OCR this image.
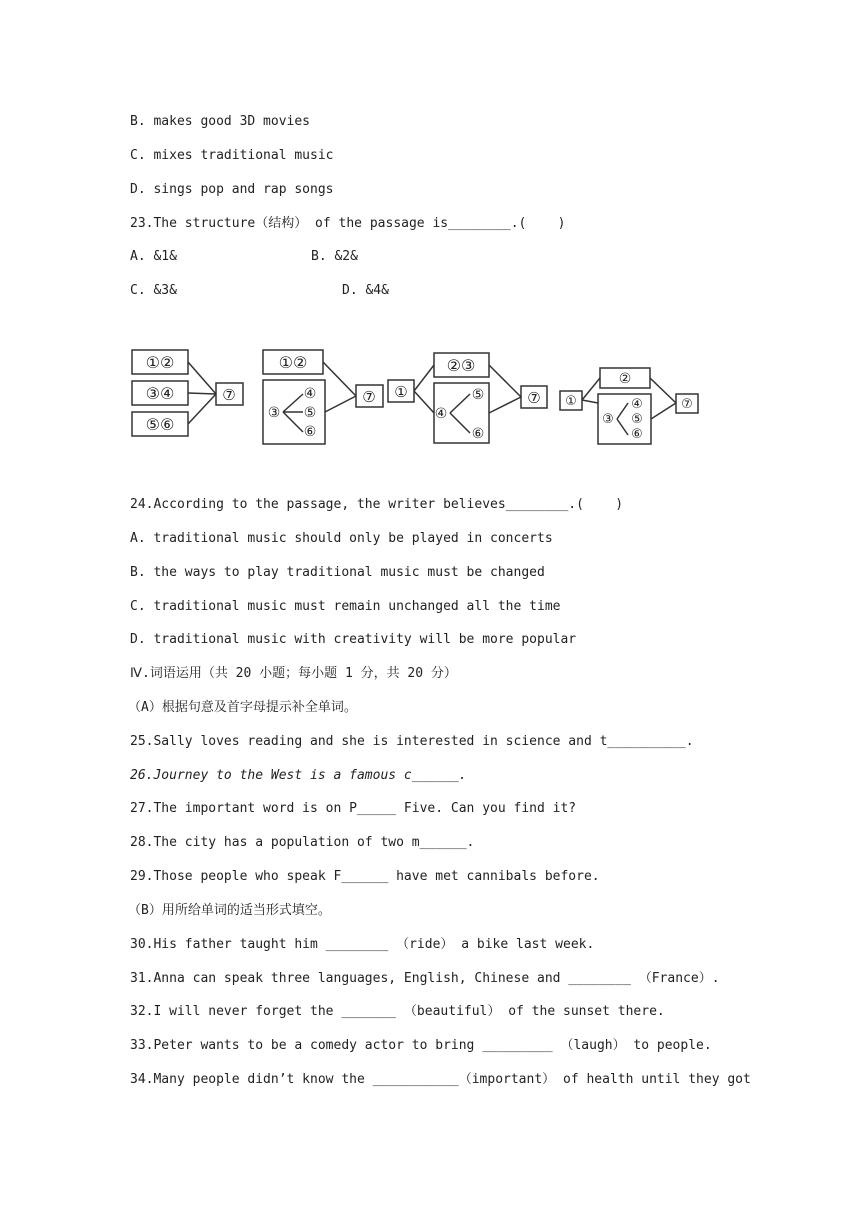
B. makes good 3D movies
C. mixes traditional music
D. sings pop and rap songs
23.The structure（结构） of the passage is________.(    )
A. &1&	B. &2&
C. &3&	D. &4&
①②
③④
⑤⑥
⑦
①②
③
④
⑤
⑥
⑦ ①
②③
④
⑤
⑥
⑦ ①
②
③
④
⑤
⑥
⑦
24.According to the passage, the writer believes________.(    )
A. traditional music should only be played in concerts
B. the ways to play traditional music must be changed
C. traditional music must remain unchanged all the time
D. traditional music with creativity will be more popular
Ⅳ.词语运用（共 20 小题；每小题 1 分，共 20 分）
（A）根据句意及首字母提示补全单词。
25.Sally loves reading and she is interested in science and t__________.
26.Journey to the West is a famous c______.
27.The important word is on P_____ Five. Can you find it?
28.The city has a population of two m______.
29.Those people who speak F______ have met cannibals before.
（B）用所给单词的适当形式填空。
30.His father taught him ________ （ride） a bike last week.
31.Anna can speak three languages, English, Chinese and ________ （France）.
32.I will never forget the _______ （beautiful） of the sunset there.
33.Peter wants to be a comedy actor to bring _________ （laugh） to people.
34.Many people didn’t know the ___________（important） of health until they got
